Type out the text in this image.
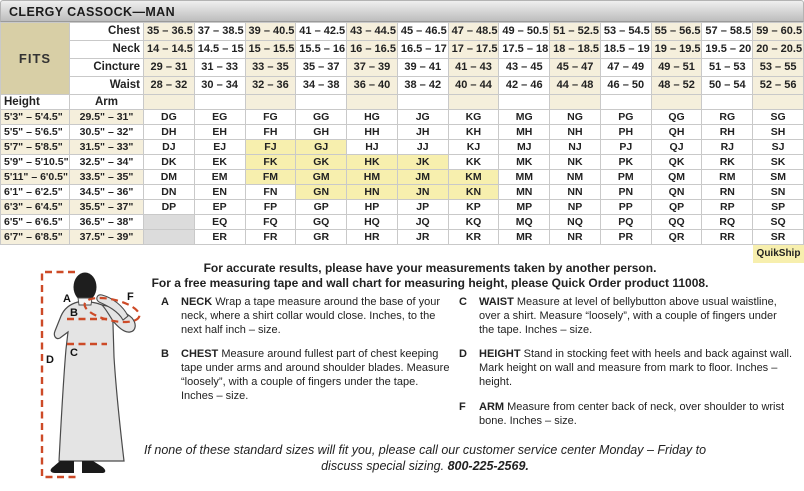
CLERGY CASSOCK—MAN
FITS	Chest	35 – 36.5	37 – 38.5	39 – 40.5	41 – 42.5	43 – 44.5	45 – 46.5	47 – 48.5	49 – 50.5	51 – 52.5	53 – 54.5	55 – 56.5	57 – 58.5	59 – 60.5
	Neck	14 – 14.5	14.5 – 15	15 – 15.5	15.5 – 16	16 – 16.5	16.5 – 17	17 – 17.5	17.5 – 18	18 – 18.5	18.5 – 19	19 – 19.5	19.5 – 20	20 – 20.5
	Cincture	29 – 31	31 – 33	33 – 35	35 – 37	37 – 39	39 – 41	41 – 43	43 – 45	45 – 47	47 – 49	49 – 51	51 – 53	53 – 55
	Waist	28 – 32	30 – 34	32 – 36	34 – 38	36 – 40	38 – 42	40 – 44	42 – 46	44 – 48	46 – 50	48 – 52	50 – 54	52 – 56
Height	Arm													
5'3" – 5'4.5"	29.5" – 31"	DG	EG	FG	GG	HG	JG	KG	MG	NG	PG	QG	RG	SG
5'5" – 5'6.5"	30.5" – 32"	DH	EH	FH	GH	HH	JH	KH	MH	NH	PH	QH	RH	SH
5'7" – 5'8.5"	31.5" – 33"	DJ	EJ	FJ	GJ	HJ	JJ	KJ	MJ	NJ	PJ	QJ	RJ	SJ
5'9" – 5'10.5"	32.5" – 34"	DK	EK	FK	GK	HK	JK	KK	MK	NK	PK	QK	RK	SK
5'11" – 6'0.5"	33.5" – 35"	DM	EM	FM	GM	HM	JM	KM	MM	NM	PM	QM	RM	SM
6'1" – 6'2.5"	34.5" – 36"	DN	EN	FN	GN	HN	JN	KN	MN	NN	PN	QN	RN	SN
6'3" – 6'4.5"	35.5" – 37"	DP	EP	FP	GP	HP	JP	KP	MP	NP	PP	QP	RP	SP
6'5" – 6'6.5"	36.5" – 38"		EQ	FQ	GQ	HQ	JQ	KQ	MQ	NQ	PQ	QQ	RQ	SQ
6'7" – 6'8.5"	37.5" – 39"		ER	FR	GR	HR	JR	KR	MR	NR	PR	QR	RR	SR
QuikShip
For accurate results, please have your measurements taken by another person.
For a free measuring tape and wall chart for measuring height, please Quick Order product 11008.
A
B
C
D
F A NECK Wrap a tape measure around the base of your neck, where a shirt collar would close. Inches, to the next half inch – size.
B CHEST Measure around fullest part of chest keeping tape under arms and around shoulder blades. Measure “loosely”, with a couple of fingers under the tape. Inches – size.
C WAIST Measure at level of bellybutton above usual waistline, over a shirt. Measure “loosely”, with a couple of fingers under the tape. Inches – size.
D HEIGHT Stand in stocking feet with heels and back against wall. Mark height on wall and measure from mark to floor. Inches – height.
F ARM Measure from center back of neck, over shoulder to wrist bone. Inches – size.
If none of these standard sizes will fit you, please call our customer service center Monday – Friday to discuss special sizing. 800-225-2569.
